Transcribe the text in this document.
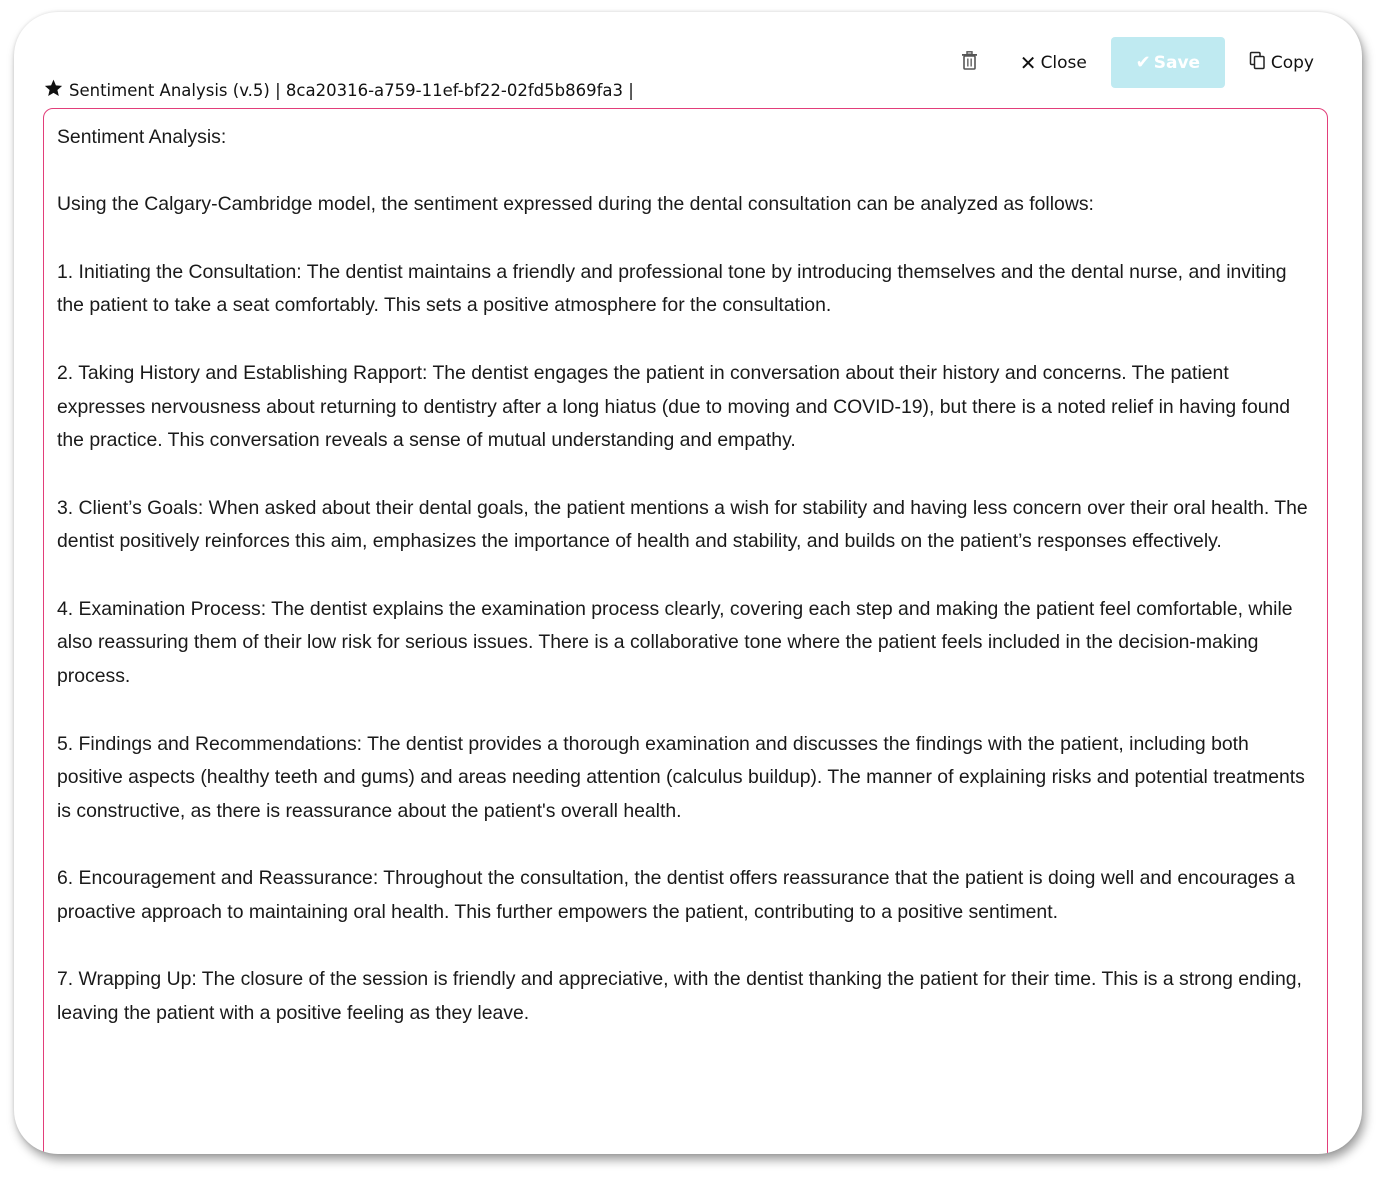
✕ Close	✔ Save	Copy
Sentiment Analysis (v.5) | 8ca20316-a759-11ef-bf22-02fd5b869fa3 |

Sentiment Analysis:

Using the Calgary-Cambridge model, the sentiment expressed during the dental consultation can be analyzed as follows:

1. Initiating the Consultation: The dentist maintains a friendly and professional tone by introducing themselves and the dental nurse, and inviting the patient to take a seat comfortably. This sets a positive atmosphere for the consultation.

2. Taking History and Establishing Rapport: The dentist engages the patient in conversation about their history and concerns. The patient expresses nervousness about returning to dentistry after a long hiatus (due to moving and COVID-19), but there is a noted relief in having found the practice. This conversation reveals a sense of mutual understanding and empathy.

3. Client’s Goals: When asked about their dental goals, the patient mentions a wish for stability and having less concern over their oral health. The dentist positively reinforces this aim, emphasizes the importance of health and stability, and builds on the patient’s responses effectively.

4. Examination Process: The dentist explains the examination process clearly, covering each step and making the patient feel comfortable, while also reassuring them of their low risk for serious issues. There is a collaborative tone where the patient feels included in the decision-making process.

5. Findings and Recommendations: The dentist provides a thorough examination and discusses the findings with the patient, including both positive aspects (healthy teeth and gums) and areas needing attention (calculus buildup). The manner of explaining risks and potential treatments is constructive, as there is reassurance about the patient's overall health.

6. Encouragement and Reassurance: Throughout the consultation, the dentist offers reassurance that the patient is doing well and encourages a proactive approach to maintaining oral health. This further empowers the patient, contributing to a positive sentiment.

7. Wrapping Up: The closure of the session is friendly and appreciative, with the dentist thanking the patient for their time. This is a strong ending, leaving the patient with a positive feeling as they leave.
